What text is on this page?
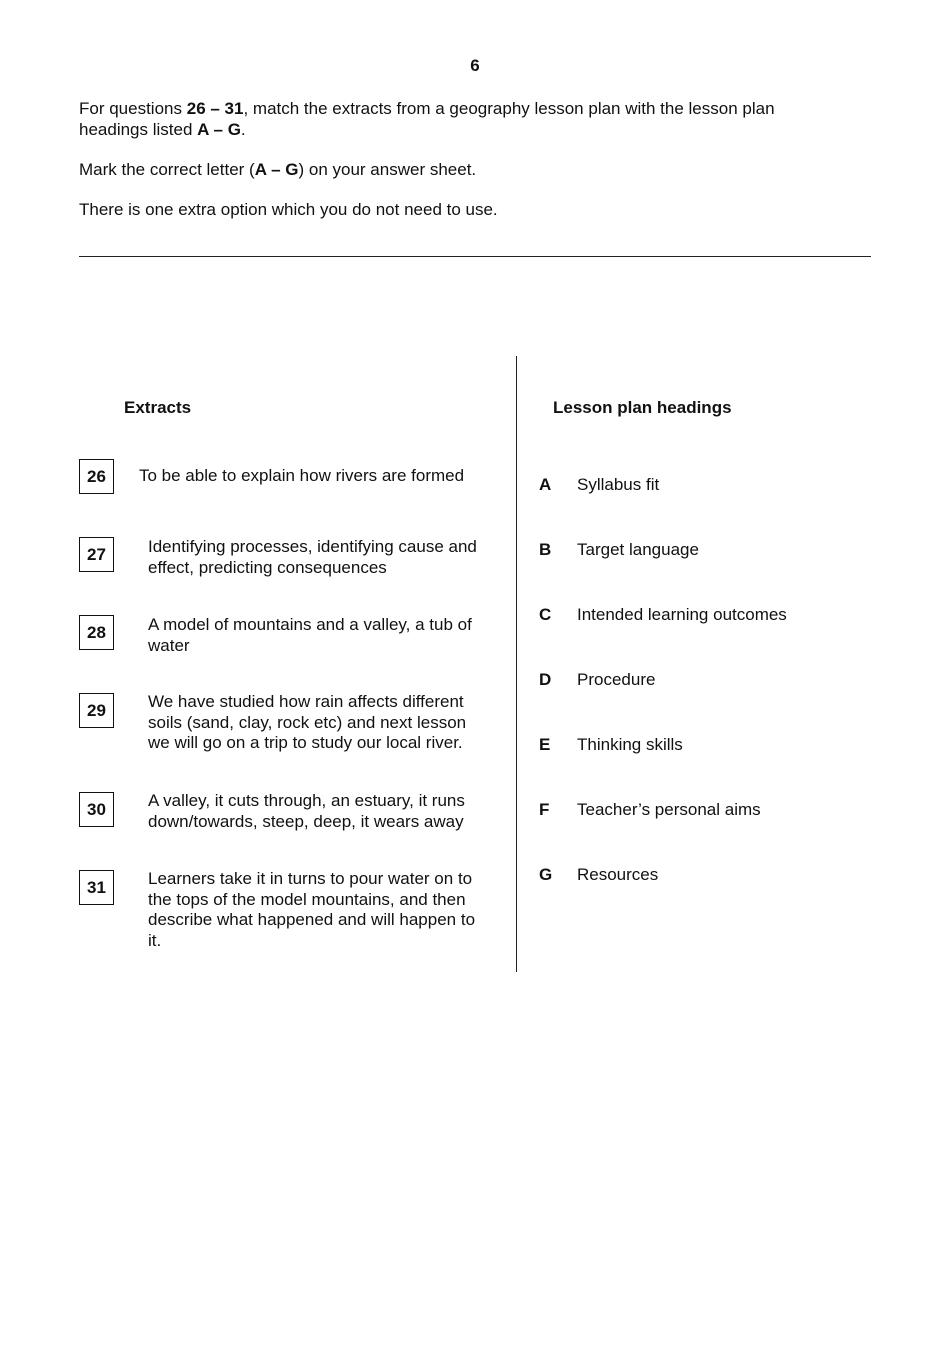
6

For questions 26 – 31, match the extracts from a geography lesson plan with the lesson plan headings listed A – G.

Mark the correct letter (A – G) on your answer sheet.

There is one extra option which you do not need to use.

Extracts	Lesson plan headings
26	To be able to explain how rivers are formed
27	Identifying processes, identifying cause and effect, predicting consequences
28	A model of mountains and a valley, a tub of water
29	We have studied how rain affects different soils (sand, clay, rock etc) and next lesson we will go on a trip to study our local river.
30	A valley, it cuts through, an estuary, it runs down/towards, steep, deep, it wears away
31	Learners take it in turns to pour water on to the tops of the model mountains, and then describe what happened and will happen to it.
A Syllabus fit
B Target language
C Intended learning outcomes
D Procedure
E Thinking skills
F Teacher’s personal aims
G Resources
